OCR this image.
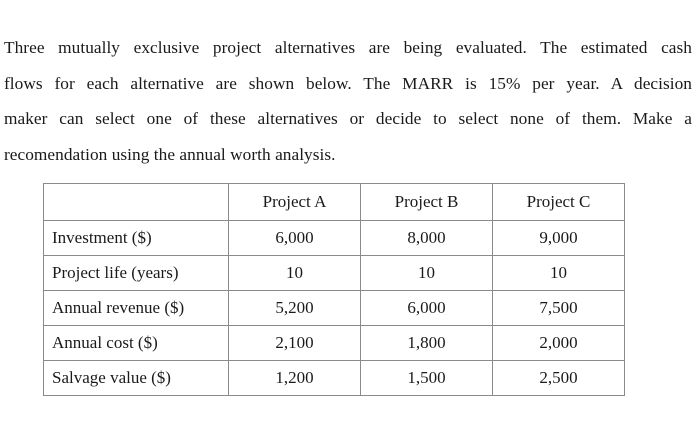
Three mutually exclusive project alternatives are being evaluated. The estimated cash
flows for each alternative are shown below. The MARR is 15% per year. A decision
maker can select one of these alternatives or decide to select none of them. Make a
recomendation using the annual worth analysis.
	Project A	Project B	Project C
Investment ($)	6,000	8,000	9,000
Project life (years)	10	10	10
Annual revenue ($)	5,200	6,000	7,500
Annual cost ($)	2,100	1,800	2,000
Salvage value ($)	1,200	1,500	2,500
